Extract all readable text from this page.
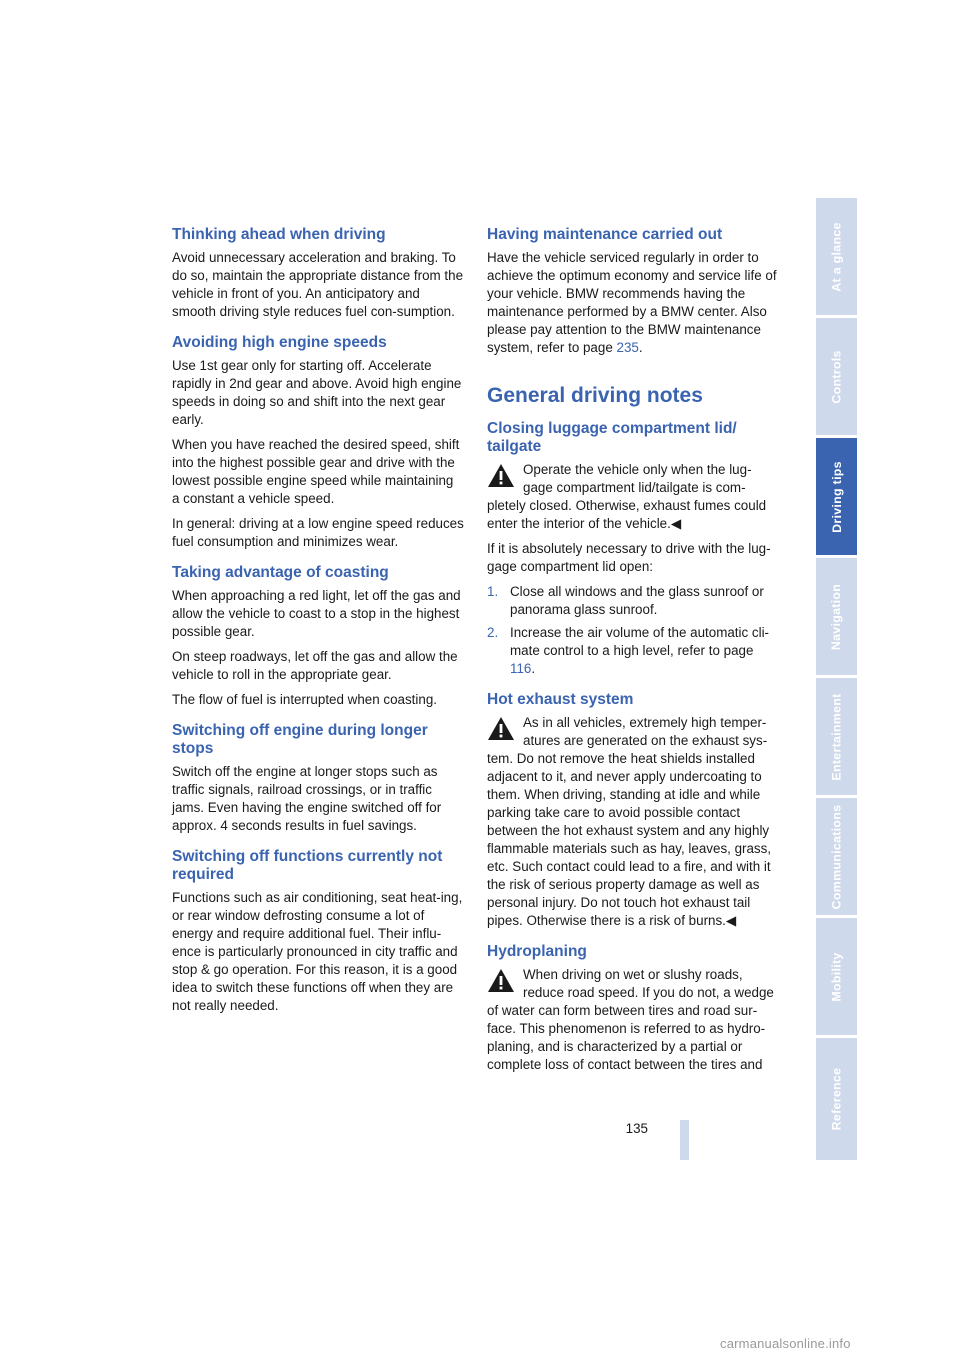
Thinking ahead when driving

Avoid unnecessary acceleration and braking. To do so, maintain the appropriate distance from the vehicle in front of you. An anticipatory and smooth driving style reduces fuel con-sumption.

Avoiding high engine speeds

Use 1st gear only for starting off. Accelerate rapidly in 2nd gear and above. Avoid high engine speeds in doing so and shift into the next gear early.

When you have reached the desired speed, shift into the highest possible gear and drive with the lowest possible engine speed while maintaining a constant a vehicle speed.

In general: driving at a low engine speed reduces fuel consumption and minimizes wear.

Taking advantage of coasting

When approaching a red light, let off the gas and allow the vehicle to coast to a stop in the highest possible gear.

On steep roadways, let off the gas and allow the vehicle to roll in the appropriate gear.

The flow of fuel is interrupted when coasting.

Switching off engine during longer stops

Switch off the engine at longer stops such as traffic signals, railroad crossings, or in traffic jams. Even having the engine switched off for approx. 4 seconds results in fuel savings.

Switching off functions currently not required

Functions such as air conditioning, seat heat-ing, or rear window defrosting consume a lot of energy and require additional fuel. Their influ-ence is particularly pronounced in city traffic and stop & go operation. For this reason, it is a good idea to switch these functions off when they are not really needed.

Having maintenance carried out

Have the vehicle serviced regularly in order to achieve the optimum economy and service life of your vehicle. BMW recommends having the maintenance performed by a BMW center. Also please pay attention to the BMW maintenance system, refer to page 235.

General driving notes
Closing luggage compartment lid/ tailgate

Operate the vehicle only when the lug-
gage compartment lid/tailgate is com-
pletely closed. Otherwise, exhaust fumes could enter the interior of the vehicle.◀

If it is absolutely necessary to drive with the lug-gage compartment lid open:

1. Close all windows and the glass sunroof or panorama glass sunroof.
2. Increase the air volume of the automatic cli-mate control to a high level, refer to page 116.
Hot exhaust system

As in all vehicles, extremely high temper-
atures are generated on the exhaust sys-
tem. Do not remove the heat shields installed adjacent to it, and never apply undercoating to them. When driving, standing at idle and while parking take care to avoid possible contact between the hot exhaust system and any highly flammable materials such as hay, leaves, grass, etc. Such contact could lead to a fire, and with it the risk of serious property damage as well as personal injury. Do not touch hot exhaust tail pipes. Otherwise there is a risk of burns.◀

Hydroplaning

When driving on wet or slushy roads,
reduce road speed. If you do not, a wedge
of water can form between tires and road sur-face. This phenomenon is referred to as hydro-planing, and is characterized by a partial or complete loss of contact between the tires and

At a glance
Controls
Driving tips
Navigation
Entertainment
Communications
Mobility
Reference
135
carmanualsonline.info
